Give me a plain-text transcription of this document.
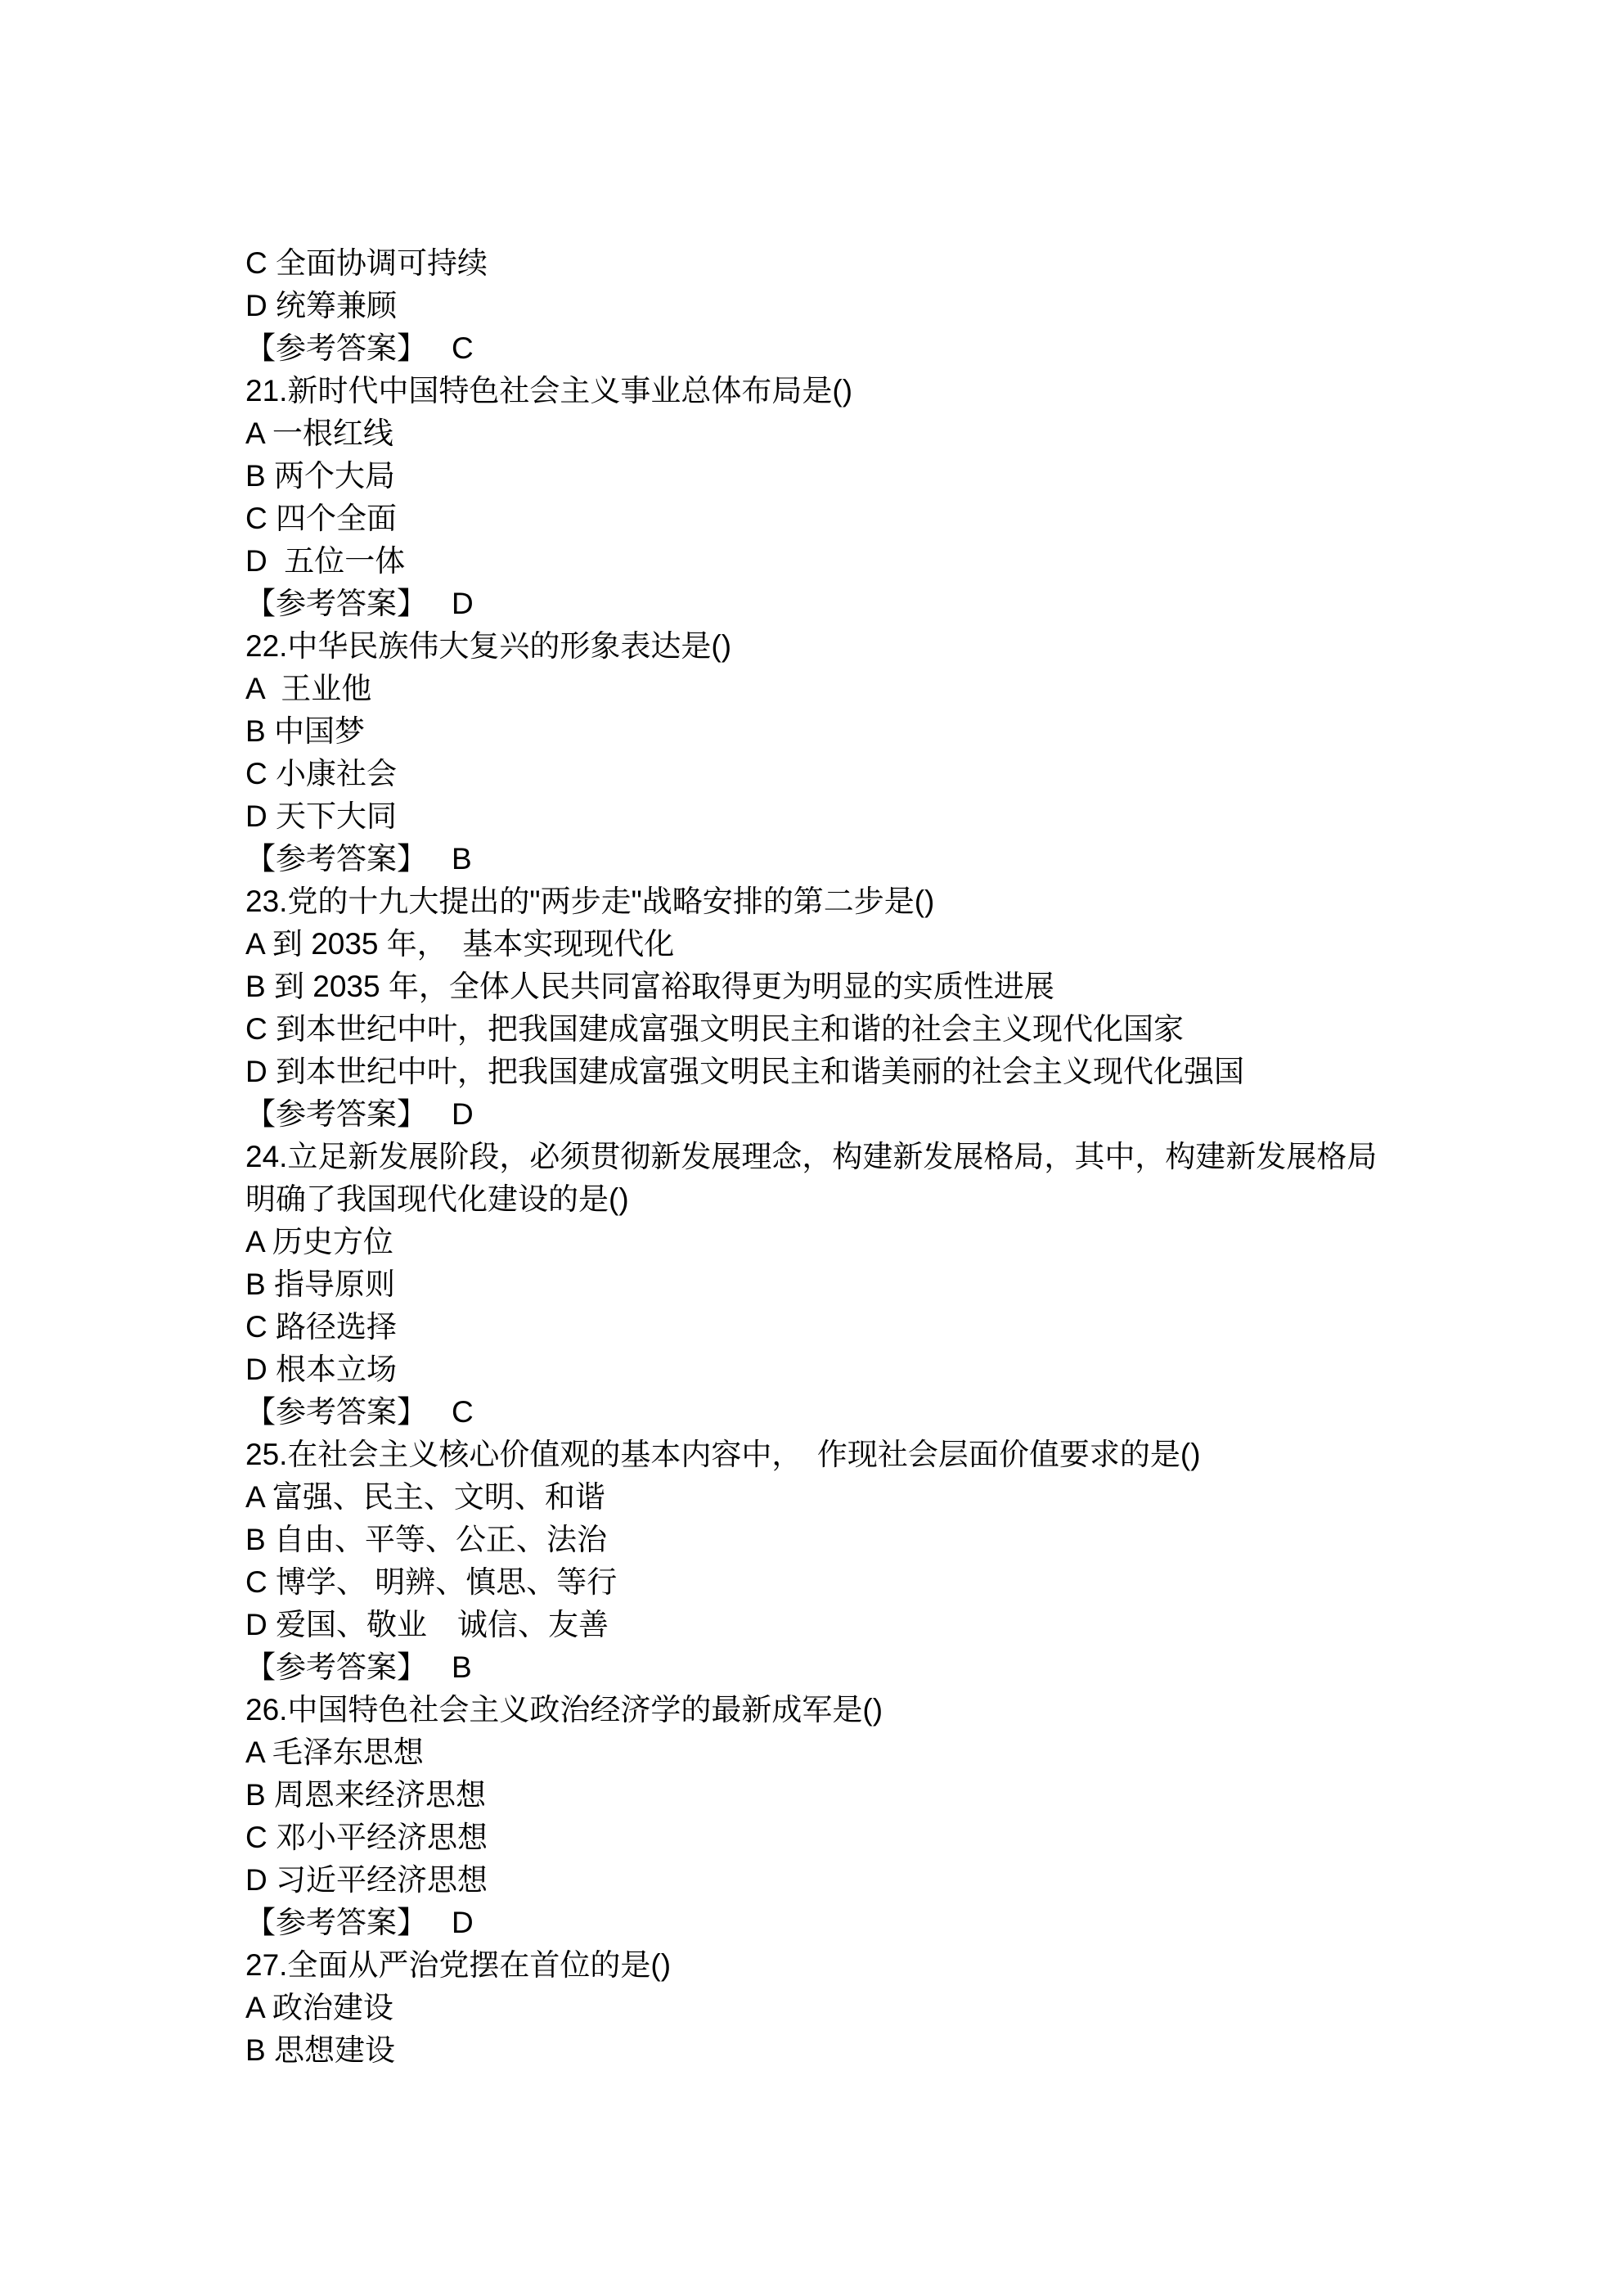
C 全面协调可持续
D 统筹兼顾
【参考答案】 C
21.新时代中国特色社会主义事业总体布局是()
A 一根红线
B 两个大局
C 四个全面
D  五位一体
【参考答案】 D
22.中华民族伟大复兴的形象表达是()
A  王业他
B 中国梦
C 小康社会
D 天下大同
【参考答案】 B
23.党的十九大提出的"两步走"战略安排的第二步是()
A 到 2035 年，　基本实现现代化
B 到 2035 年，全体人民共同富裕取得更为明显的实质性进展
C 到本世纪中叶，把我国建成富强文明民主和谐的社会主义现代化国家
D 到本世纪中叶，把我国建成富强文明民主和谐美丽的社会主义现代化强国
【参考答案】 D
24.立足新发展阶段，必须贯彻新发展理念，构建新发展格局，其中，构建新发展格局
明确了我国现代化建设的是()
A 历史方位
B 指导原则
C 路径选择
D 根本立场
【参考答案】 C
25.在社会主义核心价值观的基本内容中，　作现社会层面价值要求的是()
A 富强、民主、文明、和谐
B 自由、平等、公正、法治
C 博学、 明辨、慎思、等行
D 爱国、敬业　诚信、友善
【参考答案】 B
26.中国特色社会主义政治经济学的最新成军是()
A 毛泽东思想
B 周恩来经济思想
C 邓小平经济思想
D 习近平经济思想
【参考答案】 D
27.全面从严治党摆在首位的是()
A 政治建设
B 思想建设
